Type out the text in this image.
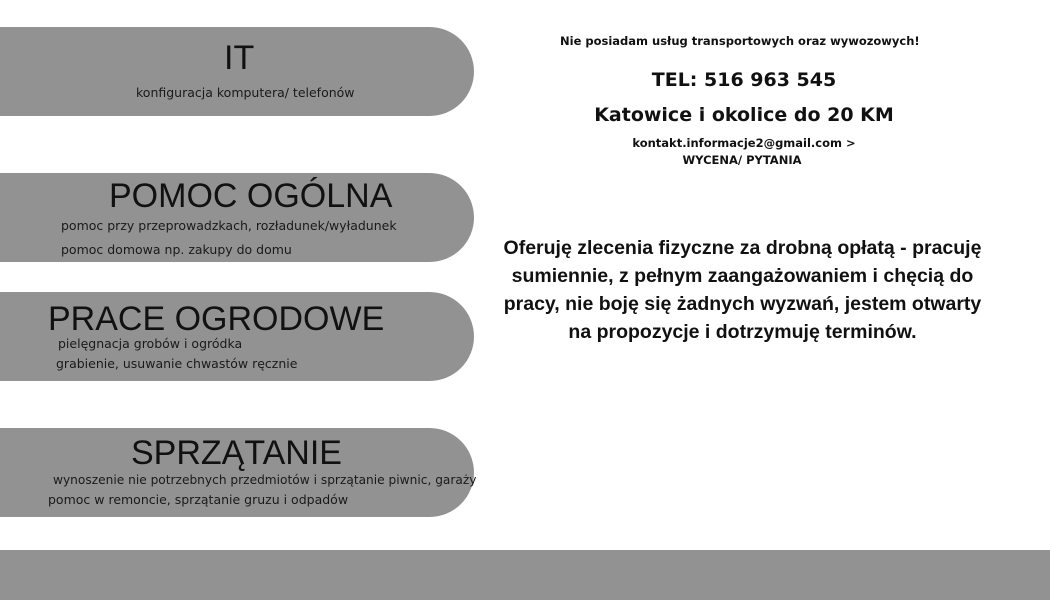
IT
konfiguracja komputera/ telefonów
POMOC OGÓLNA
pomoc przy przeprowadzkach, rozładunek/wyładunek
pomoc domowa np. zakupy do domu
PRACE OGRODOWE
pielęgnacja grobów i ogródka
grabienie, usuwanie chwastów ręcznie
SPRZĄTANIE
wynoszenie nie potrzebnych przedmiotów i sprzątanie piwnic, garaży
pomoc w remoncie, sprzątanie gruzu i odpadów
Nie posiadam usług transportowych oraz wywozowych!
TEL: 516 963 545
Katowice i okolice do 20 KM
kontakt.informacje2@gmail.com >
WYCENA/ PYTANIA
Oferuję zlecenia fizyczne za drobną opłatą - pracuję sumiennie, z pełnym zaangażowaniem i chęcią do pracy, nie boję się żadnych wyzwań, jestem otwarty na propozycje i dotrzymuję terminów.
